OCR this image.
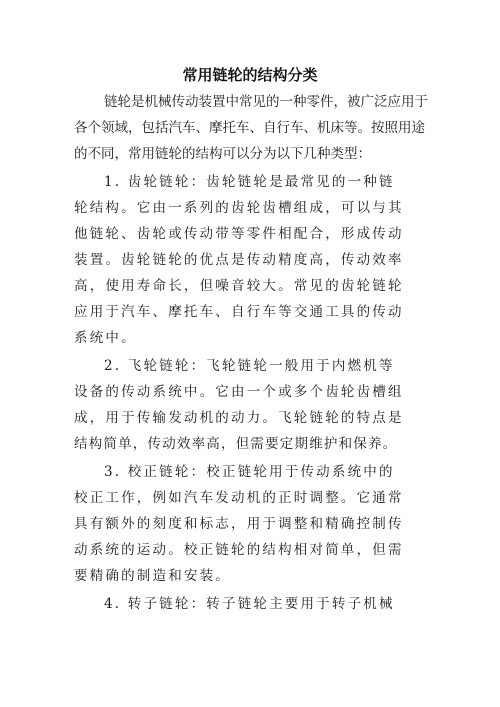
常用链轮的结构分类
链轮是机械传动装置中常见的一种零件，被广泛应用于
各个领域，包括汽车、摩托车、自行车、机床等。按照用途
的不同，常用链轮的结构可以分为以下几种类型：
1. 齿轮链轮：齿轮链轮是最常见的一种链
轮结构。它由一系列的齿轮齿槽组成，可以与其
他链轮、齿轮或传动带等零件相配合，形成传动
装置。齿轮链轮的优点是传动精度高，传动效率
高，使用寿命长，但噪音较大。常见的齿轮链轮
应用于汽车、摩托车、自行车等交通工具的传动
系统中。
2. 飞轮链轮：飞轮链轮一般用于内燃机等
设备的传动系统中。它由一个或多个齿轮齿槽组
成，用于传输发动机的动力。飞轮链轮的特点是
结构简单，传动效率高，但需要定期维护和保养。
3. 校正链轮：校正链轮用于传动系统中的
校正工作，例如汽车发动机的正时调整。它通常
具有额外的刻度和标志，用于调整和精确控制传
动系统的运动。校正链轮的结构相对简单，但需
要精确的制造和安装。
4. 转子链轮：转子链轮主要用于转子机械
